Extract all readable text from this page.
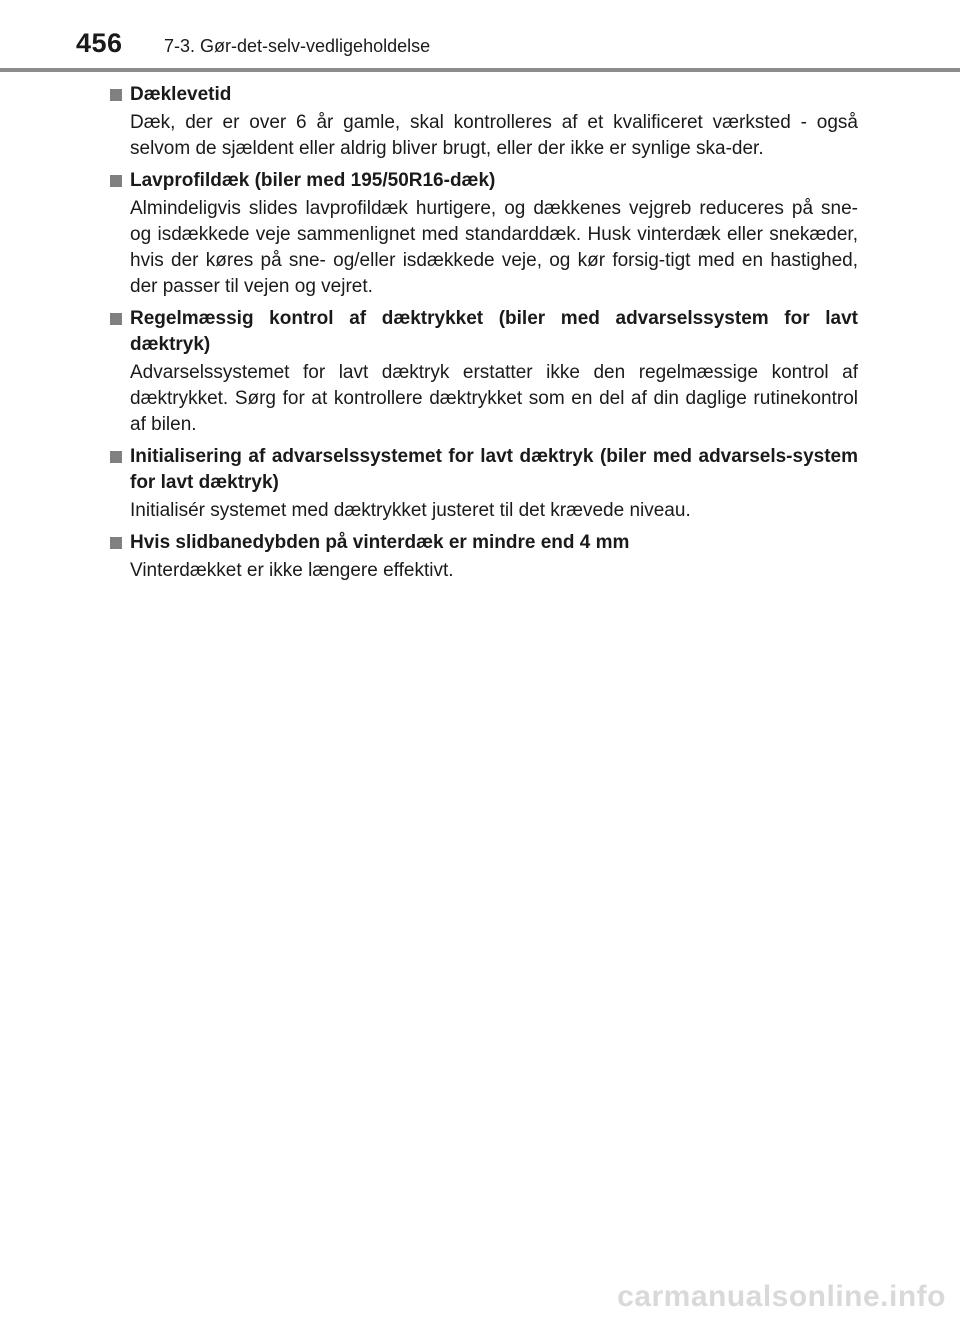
456 7-3. Gør-det-selv-vedligeholdelse
Dæklevetid
Dæk, der er over 6 år gamle, skal kontrolleres af et kvalificeret værksted - også selvom de sjældent eller aldrig bliver brugt, eller der ikke er synlige ska-der.
Lavprofildæk (biler med 195/50R16-dæk)
Almindeligvis slides lavprofildæk hurtigere, og dækkenes vejgreb reduceres på sne- og isdækkede veje sammenlignet med standarddæk. Husk vinterdæk eller snekæder, hvis der køres på sne- og/eller isdækkede veje, og kør forsig-tigt med en hastighed, der passer til vejen og vejret.
Regelmæssig kontrol af dæktrykket (biler med advarselssystem for lavt dæktryk)
Advarselssystemet for lavt dæktryk erstatter ikke den regelmæssige kontrol af dæktrykket. Sørg for at kontrollere dæktrykket som en del af din daglige rutinekontrol af bilen.
Initialisering af advarselssystemet for lavt dæktryk (biler med advarsels-system for lavt dæktryk)
Initialisér systemet med dæktrykket justeret til det krævede niveau.
Hvis slidbanedybden på vinterdæk er mindre end 4 mm
Vinterdækket er ikke længere effektivt.
carmanualsonline.info
